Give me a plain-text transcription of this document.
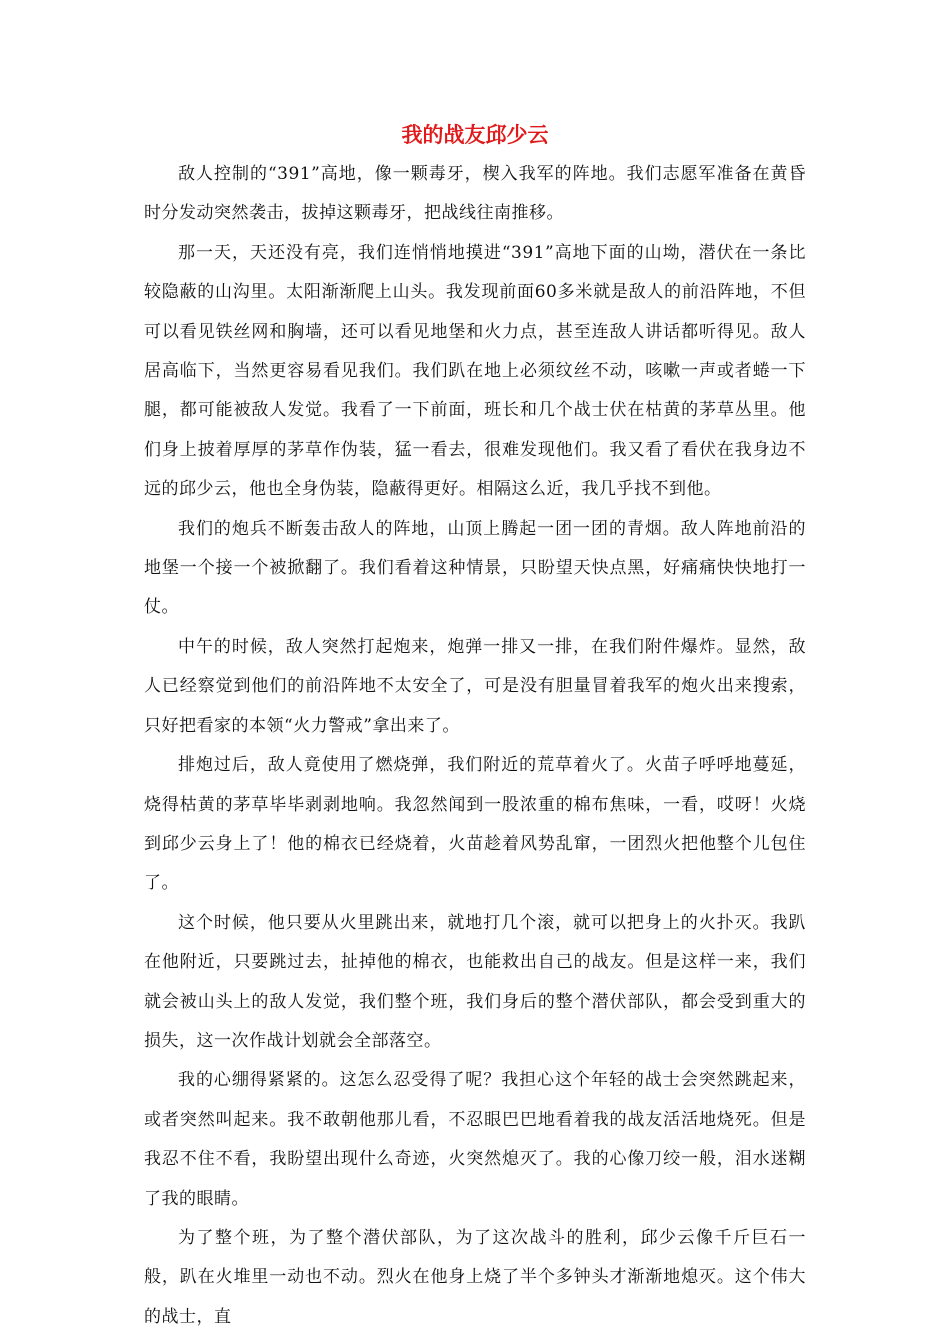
我的战友邱少云

敌人控制的“391”高地，像一颗毒牙，楔入我军的阵地。我们志愿军准备在黄昏时分发动突然袭击，拔掉这颗毒牙，把战线往南推移。

那一天，天还没有亮，我们连悄悄地摸进“391”高地下面的山坳，潜伏在一条比较隐蔽的山沟里。太阳渐渐爬上山头。我发现前面60多米就是敌人的前沿阵地，不但可以看见铁丝网和胸墙，还可以看见地堡和火力点，甚至连敌人讲话都听得见。敌人居高临下，当然更容易看见我们。我们趴在地上必须纹丝不动，咳嗽一声或者蜷一下腿，都可能被敌人发觉。我看了一下前面，班长和几个战士伏在枯黄的茅草丛里。他们身上披着厚厚的茅草作伪装，猛一看去，很难发现他们。我又看了看伏在我身边不远的邱少云，他也全身伪装，隐蔽得更好。相隔这么近，我几乎找不到他。

我们的炮兵不断轰击敌人的阵地，山顶上腾起一团一团的青烟。敌人阵地前沿的地堡一个接一个被掀翻了。我们看着这种情景，只盼望天快点黑，好痛痛快快地打一仗。

中午的时候，敌人突然打起炮来，炮弹一排又一排，在我们附件爆炸。显然，敌人已经察觉到他们的前沿阵地不太安全了，可是没有胆量冒着我军的炮火出来搜索，只好把看家的本领“火力警戒”拿出来了。

排炮过后，敌人竟使用了燃烧弹，我们附近的荒草着火了。火苗子呼呼地蔓延，烧得枯黄的茅草毕毕剥剥地响。我忽然闻到一股浓重的棉布焦味，一看，哎呀！火烧到邱少云身上了！他的棉衣已经烧着，火苗趁着风势乱窜，一团烈火把他整个儿包住了。

这个时候，他只要从火里跳出来，就地打几个滚，就可以把身上的火扑灭。我趴在他附近，只要跳过去，扯掉他的棉衣，也能救出自己的战友。但是这样一来，我们就会被山头上的敌人发觉，我们整个班，我们身后的整个潜伏部队，都会受到重大的损失，这一次作战计划就会全部落空。

我的心绷得紧紧的。这怎么忍受得了呢？我担心这个年轻的战士会突然跳起来，或者突然叫起来。我不敢朝他那儿看，不忍眼巴巴地看着我的战友活活地烧死。但是我忍不住不看，我盼望出现什么奇迹，火突然熄灭了。我的心像刀绞一般，泪水迷糊了我的眼睛。

为了整个班，为了整个潜伏部队，为了这次战斗的胜利，邱少云像千斤巨石一般，趴在火堆里一动也不动。烈火在他身上烧了半个多钟头才渐渐地熄灭。这个伟大的战士，直
